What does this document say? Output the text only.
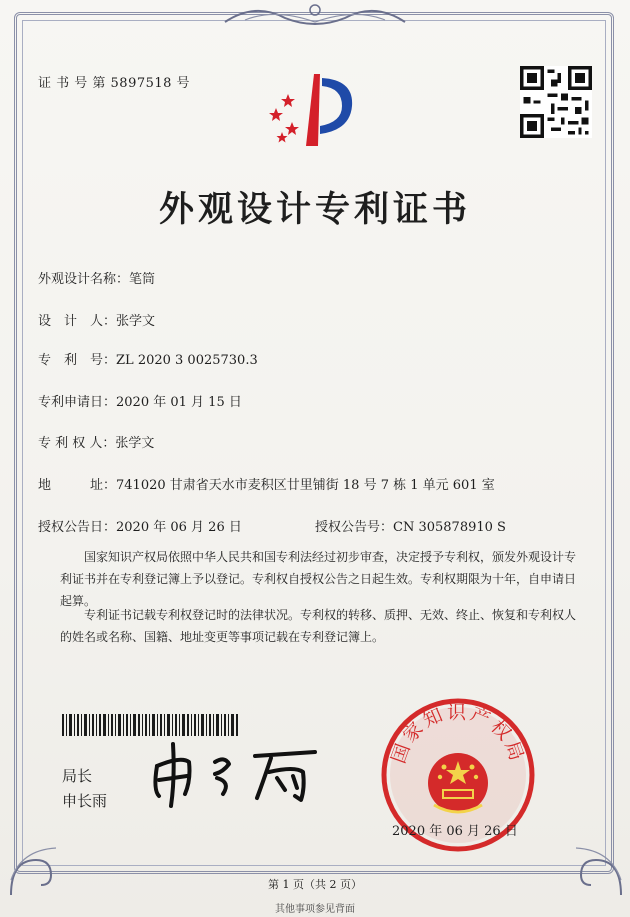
证 书 号 第 5897518 号
外观设计专利证书
外观设计名称：笔筒
设　计　人：张学文
专　利　号：ZL 2020 3 0025730.3
专利申请日：2020 年 01 月 15 日
专 利 权 人：张学文
地　　　址：741020 甘肃省天水市麦积区廿里铺街 18 号 7 栋 1 单元 601 室
授权公告日：2020 年 06 月 26 日	授权公告号：CN 305878910 S
国家知识产权局依照中华人民共和国专利法经过初步审查，决定授予专利权，颁发外观设计专利证书并在专利登记簿上予以登记。专利权自授权公告之日起生效。专利权期限为十年，自申请日起算。
专利证书记载专利权登记时的法律状况。专利权的转移、质押、无效、终止、恢复和专利权人的姓名或名称、国籍、地址变更等事项记载在专利登记簿上。
局长
申长雨
国家知识产权局
2020 年 06 月 26 日
第 1 页（共 2 页）
其他事项参见背面
